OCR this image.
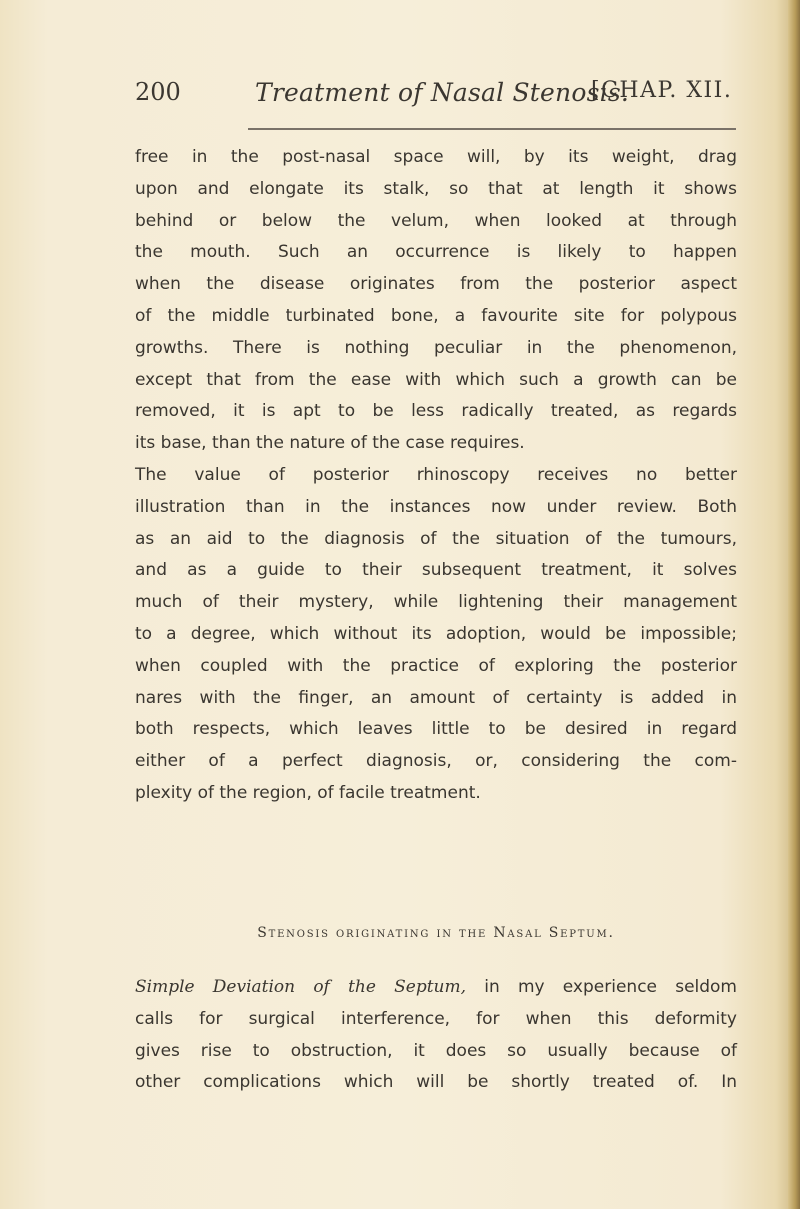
200	Treatment of Nasal Stenosis.
[CHAP. XII.
free in the post-nasal space will, by its weight, drag
upon and elongate its stalk, so that at length it shows
behind or below the velum, when looked at through
the mouth. Such an occurrence is likely to happen
when the disease originates from the posterior aspect
of the middle turbinated bone, a favourite site for polypous
growths. There is nothing peculiar in the phenomenon,
except that from the ease with which such a growth can be
removed, it is apt to be less radically treated, as regards
its base, than the nature of the case requires.
The value of posterior rhinoscopy receives no better
illustration than in the instances now under review. Both
as an aid to the diagnosis of the situation of the tumours,
and as a guide to their subsequent treatment, it solves
much of their mystery, while lightening their management
to a degree, which without its adoption, would be impossible;
when coupled with the practice of exploring the posterior
nares with the finger, an amount of certainty is added in
both respects, which leaves little to be desired in regard
either of a perfect diagnosis, or, considering the com-
plexity of the region, of facile treatment.
Stenosis originating in the Nasal Septum.
Simple Deviation of the Septum, in my experience seldom
calls for surgical interference, for when this deformity
gives rise to obstruction, it does so usually because of
other complications which will be shortly treated of. In
